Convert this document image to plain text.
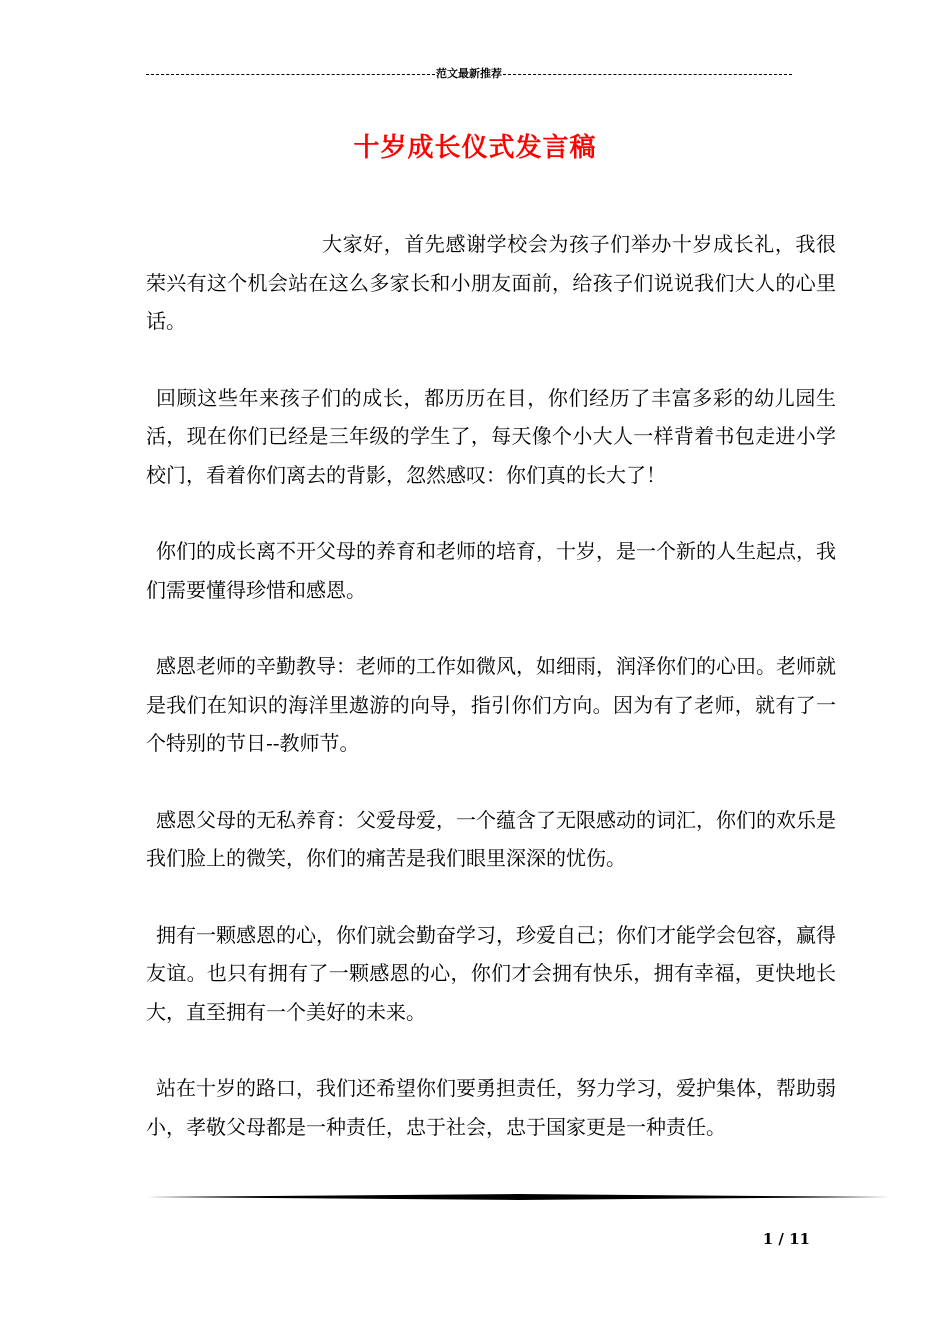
范文最新推荐
十岁成长仪式发言稿

大家好，首先感谢学校会为孩子们举办十岁成长礼，我很荣兴有这个机会站在这么多家长和小朋友面前，给孩子们说说我们大人的心里话。

回顾这些年来孩子们的成长，都历历在目，你们经历了丰富多彩的幼儿园生活，现在你们已经是三年级的学生了，每天像个小大人一样背着书包走进小学校门，看着你们离去的背影，忽然感叹：你们真的长大了！

你们的成长离不开父母的养育和老师的培育，十岁，是一个新的人生起点，我们需要懂得珍惜和感恩。

感恩老师的辛勤教导：老师的工作如微风，如细雨，润泽你们的心田。老师就是我们在知识的海洋里遨游的向导，指引你们方向。因为有了老师，就有了一个特别的节日--教师节。

感恩父母的无私养育：父爱母爱，一个蕴含了无限感动的词汇，你们的欢乐是我们脸上的微笑，你们的痛苦是我们眼里深深的忧伤。

拥有一颗感恩的心，你们就会勤奋学习，珍爱自己；你们才能学会包容，赢得友谊。也只有拥有了一颗感恩的心，你们才会拥有快乐，拥有幸福，更快地长大，直至拥有一个美好的未来。

站在十岁的路口，我们还希望你们要勇担责任，努力学习，爱护集体，帮助弱小，孝敬父母都是一种责任，忠于社会，忠于国家更是一种责任。

1 / 11
